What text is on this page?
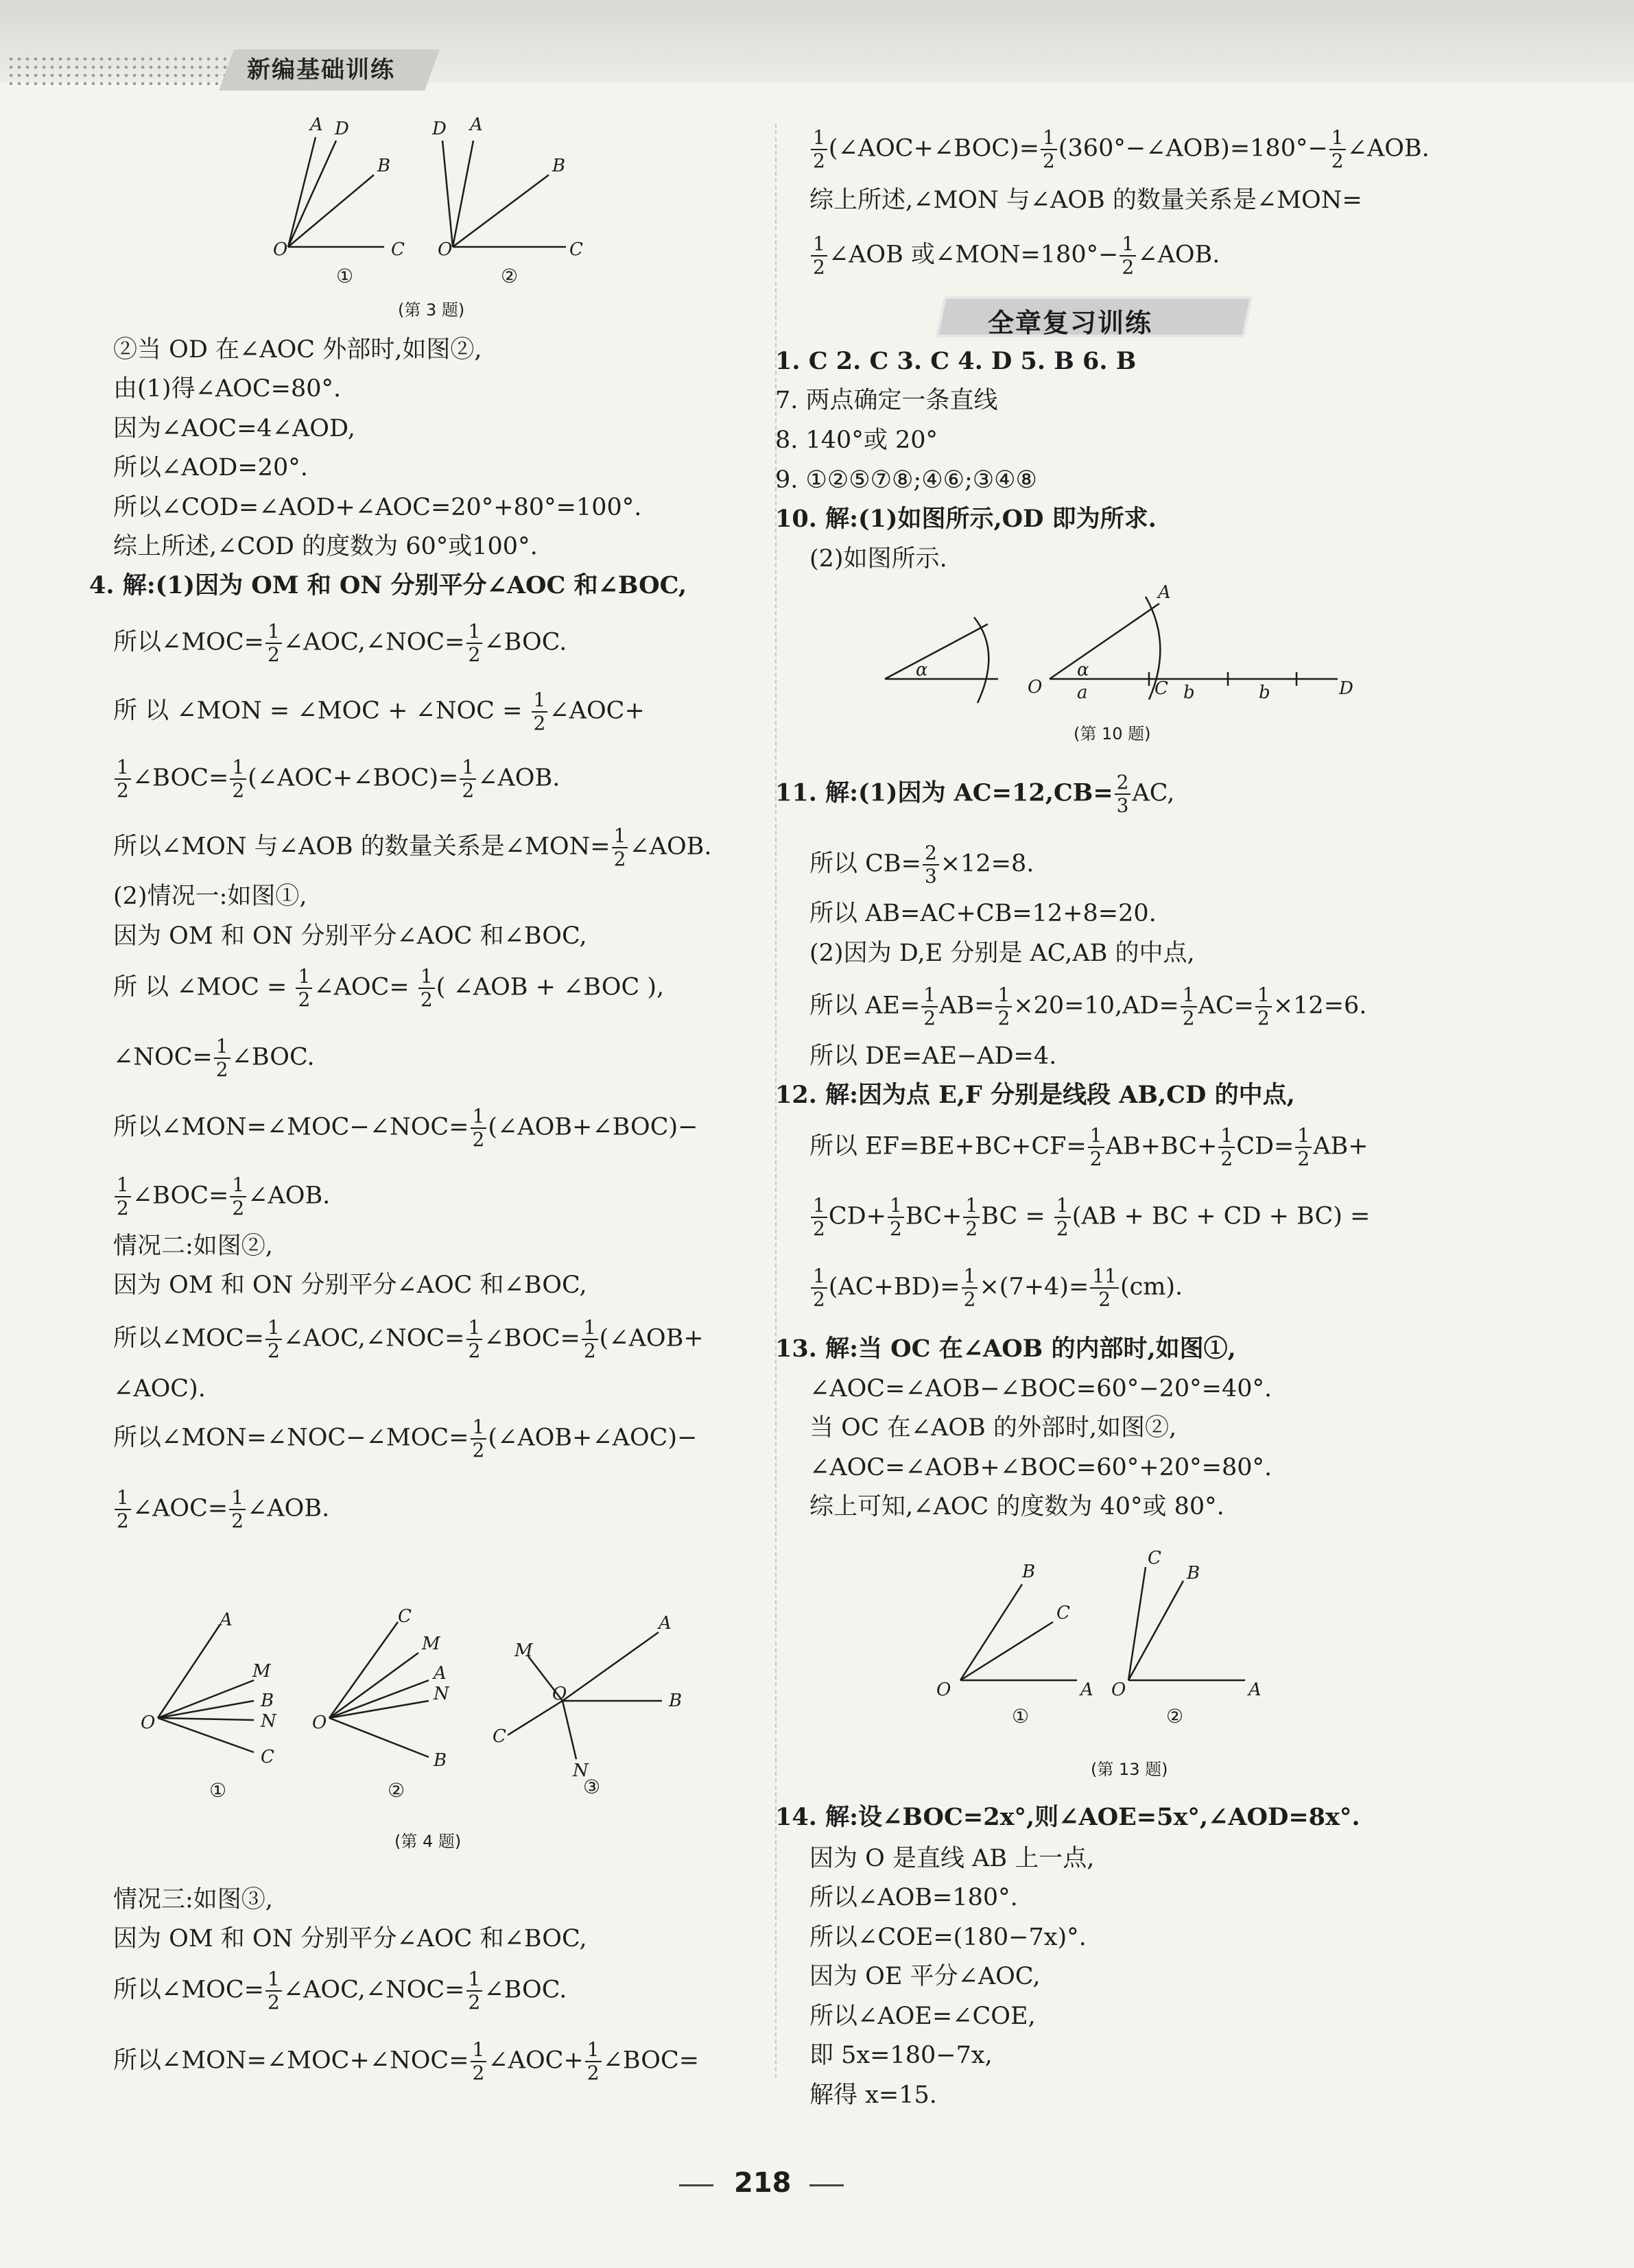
新编基础训练
O
A D
B
C
①
O
D A
B
C
②
(第 3 题)
②当 OD 在∠AOC 外部时,如图②,
由(1)得∠AOC=80°.
因为∠AOC=4∠AOD,
所以∠AOD=20°.
所以∠COD=∠AOD+∠AOC=20°+80°=100°.
综上所述,∠COD 的度数为 60°或100°.
4. 解:(1)因为 OM 和 ON 分别平分∠AOC 和∠BOC,
所以∠MOC= $\frac{1}{2}$ ∠AOC,∠NOC= $\frac{1}{2}$ ∠BOC.
所 以 ∠MON = ∠MOC + ∠NOC = $\frac{1}{2}$ ∠AOC+
$\frac{1}{2}$ ∠BOC= $\frac{1}{2}$ (∠AOC+∠BOC)= $\frac{1}{2}$ ∠AOB.
所以∠MON 与∠AOB 的数量关系是∠MON= $\frac{1}{2}$ ∠AOB.
(2)情况一:如图①,
因为 OM 和 ON 分别平分∠AOC 和∠BOC,
所 以 ∠MOC = $\frac{1}{2}$ ∠AOC= $\frac{1}{2}$ ( ∠AOB + ∠BOC ),
∠NOC= $\frac{1}{2}$ ∠BOC.
所以∠MON=∠MOC−∠NOC= $\frac{1}{2}$ (∠AOB+∠BOC)−
$\frac{1}{2}$ ∠BOC= $\frac{1}{2}$ ∠AOB.
情况二:如图②,
因为 OM 和 ON 分别平分∠AOC 和∠BOC,
所以∠MOC= $\frac{1}{2}$ ∠AOC,∠NOC= $\frac{1}{2}$ ∠BOC= $\frac{1}{2}$ (∠AOB+
∠AOC).
所以∠MON=∠NOC−∠MOC= $\frac{1}{2}$ (∠AOB+∠AOC)−
$\frac{1}{2}$ ∠AOC= $\frac{1}{2}$ ∠AOB.
O
A
M
B
N
C
①
O
C
M
A
N
B
②
O
A
B
M
C
N
③
(第 4 题)
情况三:如图③,
因为 OM 和 ON 分别平分∠AOC 和∠BOC,
所以∠MOC= $\frac{1}{2}$ ∠AOC,∠NOC= $\frac{1}{2}$ ∠BOC.
所以∠MON=∠MOC+∠NOC= $\frac{1}{2}$ ∠AOC+ $\frac{1}{2}$ ∠BOC=
$\frac{1}{2}$ (∠AOC+∠BOC)= $\frac{1}{2}$ (360°−∠AOB)=180°− $\frac{1}{2}$ ∠AOB.
综上所述,∠MON 与∠AOB 的数量关系是∠MON=
$\frac{1}{2}$ ∠AOB 或∠MON=180°− $\frac{1}{2}$ ∠AOB.
全章复习训练
1. C 2. C 3. C 4. D 5. B 6. B
7. 两点确定一条直线
8. 140°或 20°
9. ①②⑤⑦⑧;④⑥;③④⑧
10. 解:(1)如图所示,OD 即为所求.
(2)如图所示.
α
O
A
α
a	C b	b	D
(第 10 题)
11. 解:(1)因为 $AC=12,CB= \frac{2}{3}$ AC,
所以 $CB= \frac{2}{3} \times 12=8$.
所以 AB=AC+CB=12+8=20.
(2)因为 D,E 分别是 AC,AB 的中点,
所以 $AE= \frac{1}{2} AB= \frac{1}{2} \times 20=10,AD= \frac{1}{2} AC= \frac{1}{2} \times 12=6$.
所以 DE=AE−AD=4.
12. 解:因为点 E,F 分别是线段 AB,CD 的中点,
所以 $EF=BE+BC+CF= \frac{1}{2} AB+BC+ \frac{1}{2} CD= \frac{1}{2} AB+$
$\frac{1}{2} CD+ \frac{1}{2} BC+ \frac{1}{2}$ BC = $\frac{1}{2} (AB$ + BC + CD + BC) =
$\frac{1}{2} (AC+BD)= \frac{1}{2} \times(7+4)= \frac{11}{2} (cm)$.
13. 解:当 OC 在∠AOB 的内部时,如图①,
∠AOC=∠AOB−∠BOC=60°−20°=40°.
当 OC 在∠AOB 的外部时,如图②,
∠AOC=∠AOB+∠BOC=60°+20°=80°.
综上可知,∠AOC 的度数为 40°或 80°.
O
B
C
A
①
O
C
B
A
②
(第 13 题)
14. 解:设∠BOC=2x°,则∠AOE=5x°,∠AOD=8x°.
因为 O 是直线 AB 上一点,
所以∠AOB=180°.
所以∠COE=(180−7x)°.
因为 OE 平分∠AOC,
所以∠AOE=∠COE,
即 5x=180−7x,
解得 x=15.
218
